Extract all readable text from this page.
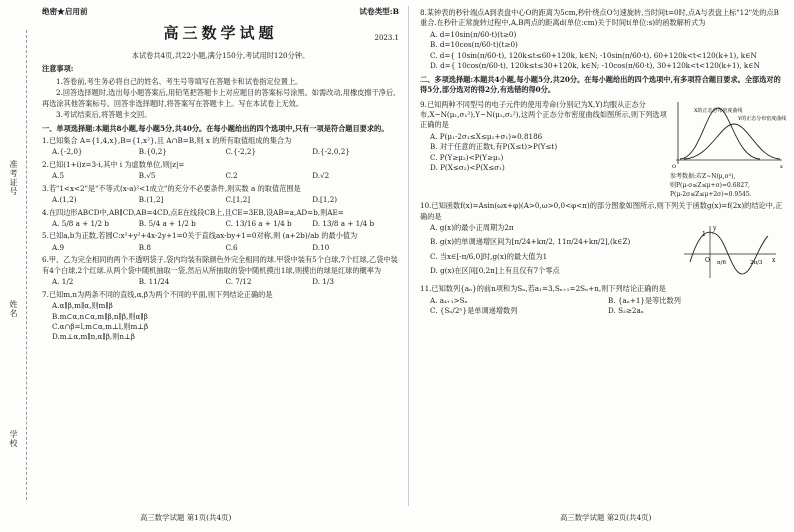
准考证号
姓名
学校
绝密★启用前	试卷类型:B
高三数学试题	2023.1
本试卷共4页,共22小题,满分150分,考试用时120分钟。
注意事项:
1.答卷前,考生务必将自己的姓名、考生号等填写在答题卡和试卷指定位置上。
2.回答选择题时,选出每小题答案后,用铅笔把答题卡上对应题目的答案标号涂黑。如需改动,用橡皮擦干净后,再选涂其他答案标号。回答非选择题时,将答案写在答题卡上。写在本试卷上无效。
3.考试结束后,将答题卡交回。
一、单项选择题:本题共8小题,每小题5分,共40分。在每小题给出的四个选项中,只有一项是符合题目要求的。
1.已知集合 A={1,4,x},B={1,x²},且 A∩B=B,则 x 的所有取值组成的集合为
A.{-2,0}	B.{0,2}	C.{-2,2}	D.{-2,0,2}
2.已知(1+i)z=3-i,其中 i 为虚数单位,则|z|=
A.5	B.√5	C.2	D.√2
3.若"1<x<2"是"不等式(x-a)²<1成立"的充分不必要条件,则实数 a 的取值范围是
A.(1,2)	B.(1,2]	C.[1,2]	D.[1,2)
4.在四边形ABCD中,AB∥CD,AB=4CD,点E在线段CB上,且CE=3EB,设AB=a,AD=b,则AE=
A. 5/8 a + 1/2 b	B. 5/4 a + 1/2 b	C. 13/16 a + 1/4 b	D. 13/8 a + 1/4 b
5.已知a,b为正数,若圆C:x²+y²+4x-2y+1=0关于直线ax-by+1=0对称,则 (a+2b)/ab 的最小值为
A.9	B.8	C.6	D.10
6.甲、乙为完全相同的两个不透明袋子,袋内均装有除颜色外完全相同的球.甲袋中装有5个白球,7个红球,乙袋中装有4个白球,2个红球.从两个袋中随机抽取一袋,然后从所抽取的袋中随机摸出1球,则摸出的球是红球的概率为
A. 1/2	B. 11/24	C. 7/12	D. 1/3
7.已知m,n为两条不同的直线,α,β为两个不同的平面,则下列结论正确的是
A.α∥β,m∥α,则m∥β
B.m⊂α,n⊂α,m∥β,n∥β,则α∥β
C.α∩β=l,m⊂α,m⊥l,则m⊥β
D.m⊥α,m∥n,α∥β,则n⊥β
8.某钟表的秒针端点A到表盘中心O的距离为5cm,秒针绕点O匀速旋转,当时间t=0时,点A与表盘上标"12"处的点B重合.在秒针正常旋转过程中,A,B两点的距离d(单位:cm)关于时间t(单位:s)的函数解析式为
A. d=10sin(π/60·t)(t≥0)
B. d=10cos(π/60·t)(t≥0)
C. d={ 10sin(π/60·t), 120k≤t≤60+120k, k∈N; -10sin(π/60·t), 60+120k<t<120(k+1), k∈N
D. d={ 10cos(π/60·t), 120k≤t≤30+120k, k∈N; -10cos(π/60·t), 30+120k<t<120(k+1), k∈N
二、多项选择题:本题共4小题,每小题5分,共20分。在每小题给出的四个选项中,有多项符合题目要求。全部选对的得5分,部分选对的得2分,有选错的得0分。
9.已知两种不同型号的电子元件的使用寿命(分别记为X,Y)均服从正态分布,X~N(μ₁,σ₁²),Y~N(μ₂,σ₂²),这两个正态分布密度曲线如图所示,则下列选项正确的是
A. P(μ₁-2σ₁≤X≤μ₁+σ₁)≈0.8186
B. 对于任意的正数t,有P(X≤t)>P(Y≤t)
C. P(Y≥μ₂)<P(Y≥μ₁)
D. P(X≤σ₂)<P(X≤σ₁)
X的正态分布密度曲线
Y的正态分布密度曲线
x
O
参考数据:若Z~N(μ,σ²),
则P(μ-σ≤Z≤μ+σ)≈0.6827,
P(μ-2σ≤Z≤μ+2σ)≈0.9545.
10.已知函数f(x)=Asin(ωx+φ)(A>0,ω>0,0<φ<π)的部分图象如图所示,则下列关于函数g(x)=f(2x)的结论中,正确的是
A. g(x)的最小正周期为2π
B. g(x)的单调递增区间为[π/24+kπ/2, 11π/24+kπ/2],(k∈Z)
C. 当x∈[-π/6,0]时,g(x)的最大值为1
D. g(x)在区间[0,2π]上有且仅有7个零点
1
y
x
O π/6	2π/3
11.已知数列{aₙ}的前n项和为Sₙ,若a₁=3,Sₙ₊₁=2Sₙ+n,则下列结论正确的是
A. a₄₊₁>Sₙ	B. {aₙ+1}是等比数列
C. {Sₙ/2ⁿ}是单调递增数列	D. S₂≥2aₙ
高三数学试题 第1页(共4页)	高三数学试题 第2页(共4页)
